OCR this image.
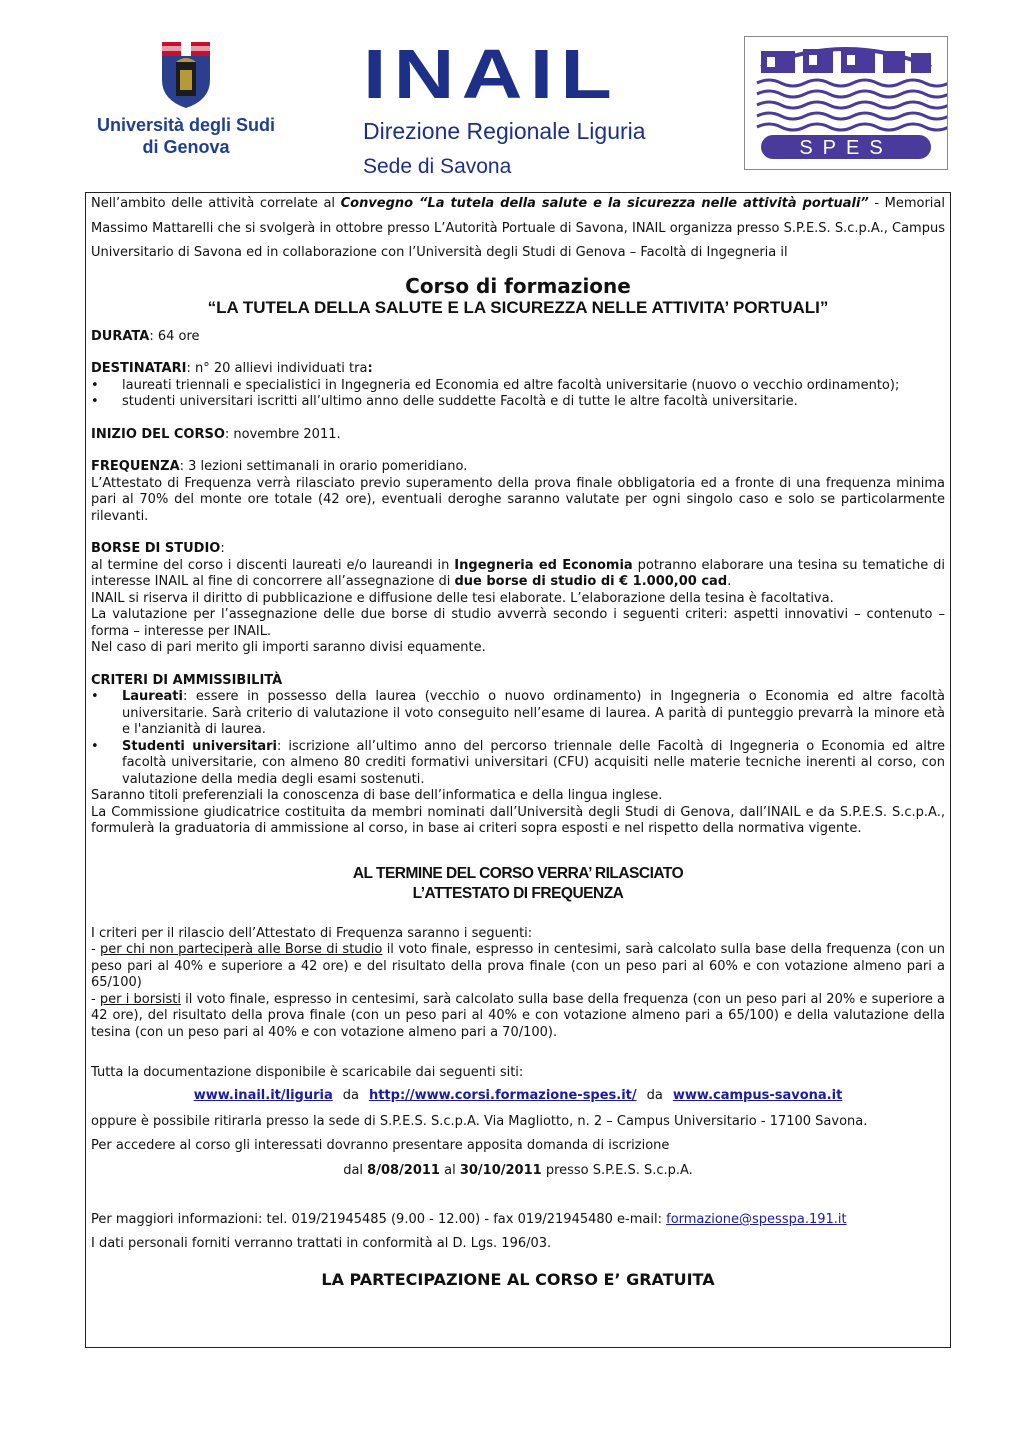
Università degli Sudi
di Genova
INAIL
Direzione Regionale Liguria
Sede di Savona
SPES

Nell’ambito delle attività correlate al Convegno “La tutela della salute e la sicurezza nelle attività portuali” - Memorial Massimo Mattarelli che si svolgerà in ottobre presso L’Autorità Portuale di Savona, INAIL organizza presso S.P.E.S. S.c.p.A., Campus Universitario di Savona ed in collaborazione con l’Università degli Studi di Genova – Facoltà di Ingegneria il

Corso di formazione
“LA TUTELA DELLA SALUTE E LA SICUREZZA NELLE ATTIVITA’ PORTUALI”

DURATA: 64 ore

DESTINATARI: n° 20 allievi individuati tra:

• laureati triennali e specialistici in Ingegneria ed Economia ed altre facoltà universitarie (nuovo o vecchio ordinamento);
• studenti universitari iscritti all’ultimo anno delle suddette Facoltà e di tutte le altre facoltà universitarie.

INIZIO DEL CORSO: novembre 2011.

FREQUENZA: 3 lezioni settimanali in orario pomeridiano.

L’Attestato di Frequenza verrà rilasciato previo superamento della prova finale obbligatoria ed a fronte di una frequenza minima pari al 70% del monte ore totale (42 ore), eventuali deroghe saranno valutate per ogni singolo caso e solo se particolarmente rilevanti.

BORSE DI STUDIO:

al termine del corso i discenti laureati e/o laureandi in Ingegneria ed Economia potranno elaborare una tesina su tematiche di interesse INAIL al fine di concorrere all’assegnazione di due borse di studio di € 1.000,00 cad.

INAIL si riserva il diritto di pubblicazione e diffusione delle tesi elaborate. L’elaborazione della tesina è facoltativa.

La valutazione per l’assegnazione delle due borse di studio avverrà secondo i seguenti criteri: aspetti innovativi – contenuto – forma – interesse per INAIL.

Nel caso di pari merito gli importi saranno divisi equamente.

CRITERI DI AMMISSIBILITÀ

• Laureati: essere in possesso della laurea (vecchio o nuovo ordinamento) in Ingegneria o Economia ed altre facoltà universitarie. Sarà criterio di valutazione il voto conseguito nell’esame di laurea. A parità di punteggio prevarrà la minore età e l'anzianità di laurea.
• Studenti universitari: iscrizione all’ultimo anno del percorso triennale delle Facoltà di Ingegneria o Economia ed altre facoltà universitarie, con almeno 80 crediti formativi universitari (CFU) acquisiti nelle materie tecniche inerenti al corso, con valutazione della media degli esami sostenuti.

Saranno titoli preferenziali la conoscenza di base dell’informatica e della lingua inglese.

La Commissione giudicatrice costituita da membri nominati dall’Università degli Studi di Genova, dall’INAIL e da S.P.E.S. S.c.p.A., formulerà la graduatoria di ammissione al corso, in base ai criteri sopra esposti e nel rispetto della normativa vigente.

AL TERMINE DEL CORSO VERRA’ RILASCIATO
L’ATTESTATO DI FREQUENZA

I criteri per il rilascio dell’Attestato di Frequenza saranno i seguenti:

- per chi non parteciperà alle Borse di studio il voto finale, espresso in centesimi, sarà calcolato sulla base della frequenza (con un peso pari al 40% e superiore a 42 ore) e del risultato della prova finale (con un peso pari al 60% e con votazione almeno pari a 65/100)

- per i borsisti il voto finale, espresso in centesimi, sarà calcolato sulla base della frequenza (con un peso pari al 20% e superiore a 42 ore), del risultato della prova finale (con un peso pari al 40% e con votazione almeno pari a 65/100) e della valutazione della tesina (con un peso pari al 40% e con votazione almeno pari a 70/100).

Tutta la documentazione disponibile è scaricabile dai seguenti siti:

www.inail.it/liguria da http://www.corsi.formazione-spes.it/ da www.campus-savona.it

oppure è possibile ritirarla presso la sede di S.P.E.S. S.c.p.A. Via Magliotto, n. 2 – Campus Universitario - 17100 Savona.

Per accedere al corso gli interessati dovranno presentare apposita domanda di iscrizione

dal 8/08/2011 al 30/10/2011 presso S.P.E.S. S.c.p.A.

Per maggiori informazioni: tel. 019/21945485 (9.00 - 12.00) - fax 019/21945480 e-mail: formazione@spesspa.191.it

I dati personali forniti verranno trattati in conformità al D. Lgs. 196/03.

LA PARTECIPAZIONE AL CORSO E’ GRATUITA
